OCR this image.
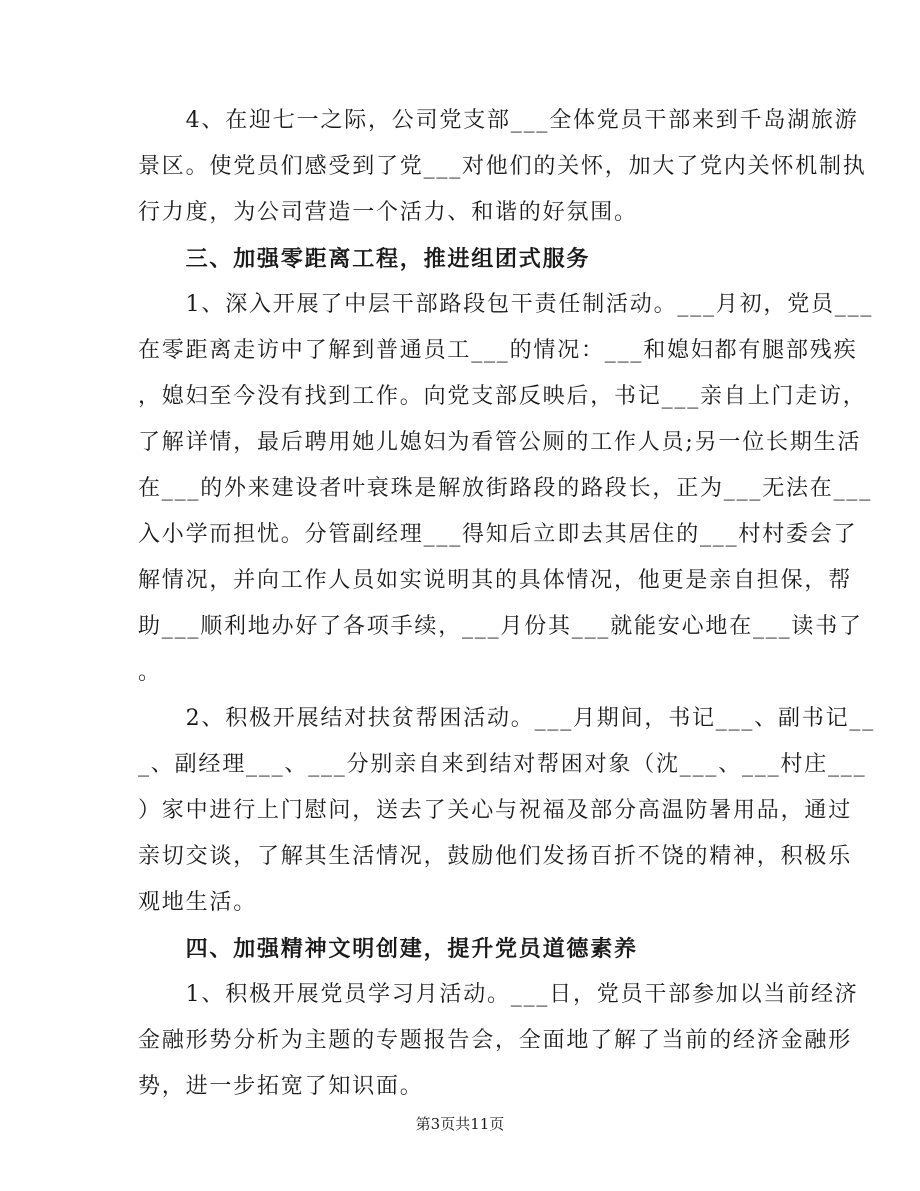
　　4、在迎七一之际，公司党支部___全体党员干部来到千岛湖旅游
景区。使党员们感受到了党___对他们的关怀，加大了党内关怀机制执
行力度，为公司营造一个活力、和谐的好氛围。
　　三、加强零距离工程，推进组团式服务
　　1、深入开展了中层干部路段包干责任制活动。___月初，党员___
在零距离走访中了解到普通员工___的情况：___和媳妇都有腿部残疾
，媳妇至今没有找到工作。向党支部反映后，书记___亲自上门走访，
了解详情，最后聘用她儿媳妇为看管公厕的工作人员;另一位长期生活
在___的外来建设者叶衰珠是解放街路段的路段长，正为___无法在___
入小学而担忧。分管副经理___得知后立即去其居住的___村村委会了
解情况，并向工作人员如实说明其的具体情况，他更是亲自担保，帮
助___顺利地办好了各项手续，___月份其___就能安心地在___读书了
。
　　2、积极开展结对扶贫帮困活动。___月期间，书记___、副书记__
_、副经理___、___分别亲自来到结对帮困对象（沈___、___村庄___
）家中进行上门慰问，送去了关心与祝福及部分高温防暑用品，通过
亲切交谈，了解其生活情况，鼓励他们发扬百折不饶的精神，积极乐
观地生活。
　　四、加强精神文明创建，提升党员道德素养
　　1、积极开展党员学习月活动。___日，党员干部参加以当前经济
金融形势分析为主题的专题报告会，全面地了解了当前的经济金融形
势，进一步拓宽了知识面。
第3页共11页
